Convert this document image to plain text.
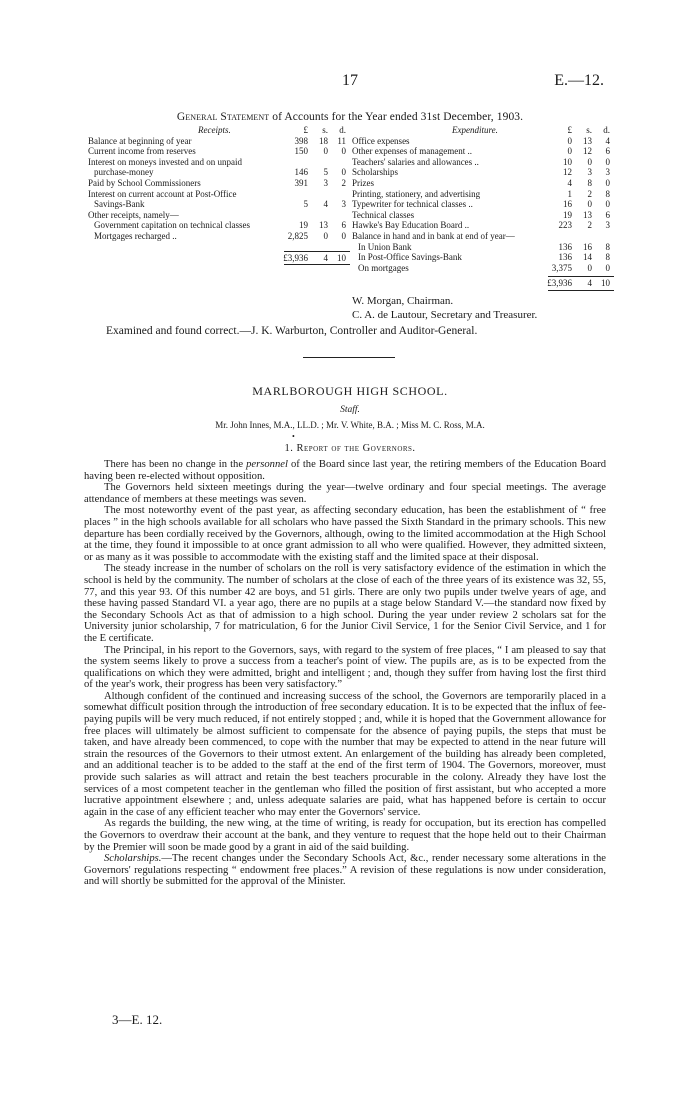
17	E.—12.
General Statement of Accounts for the Year ended 31st December, 1903.
Receipts.	£	s.	d.
Balance at beginning of year	398	18	11
Current income from reserves	150	0	0
Interest on moneys invested and on unpaid
purchase-money	146	5	0
Paid by School Commissioners	391	3	2
Interest on current account at Post-Office
Savings-Bank	5	4	3
Other receipts, namely—
Government capitation on technical classes	19	13	6
Mortgages recharged ..	2,825	0	0
£3,936	4	10
Expenditure.	£	s.	d.
Office expenses	0	13	4
Other expenses of management ..	0	12	6
Teachers' salaries and allowances ..	10	0	0
Scholarships	12	3	3
Prizes	4	8	0
Printing, stationery, and advertising	1	2	8
Typewriter for technical classes ..	16	0	0
Technical classes	19	13	6
Hawke's Bay Education Board ..	223	2	3
Balance in hand and in bank at end of year—
In Union Bank	136	16	8
In Post-Office Savings-Bank	136	14	8
On mortgages	3,375	0	0
£3,936	4	10
W. Morgan, Chairman.
C. A. de Lautour, Secretary and Treasurer.
Examined and found correct.—J. K. Warburton, Controller and Auditor-General.
MARLBOROUGH HIGH SCHOOL.
Staff.
Mr. John Innes, M.A., LL.D. ; Mr. V. White, B.A. ; Miss M. C. Ross, M.A.
•
1. Report of the Governors.

There has been no change in the personnel of the Board since last year, the retiring members of the Education Board having been re-elected without opposition.

The Governors held sixteen meetings during the year—twelve ordinary and four special meetings. The average attendance of members at these meetings was seven.

The most noteworthy event of the past year, as affecting secondary education, has been the establishment of “ free places ” in the high schools available for all scholars who have passed the Sixth Standard in the primary schools. This new departure has been cordially received by the Governors, although, owing to the limited accommodation at the High School at the time, they found it impossible to at once grant admission to all who were qualified. However, they admitted sixteen, or as many as it was possible to accommodate with the existing staff and the limited space at their disposal.

The steady increase in the number of scholars on the roll is very satisfactory evidence of the estimation in which the school is held by the community. The number of scholars at the close of each of the three years of its existence was 32, 55, 77, and this year 93. Of this number 42 are boys, and 51 girls. There are only two pupils under twelve years of age, and these having passed Standard VI. a year ago, there are no pupils at a stage below Standard V.—the standard now fixed by the Secondary Schools Act as that of admission to a high school. During the year under review 2 scholars sat for the University junior scholarship, 7 for matriculation, 6 for the Junior Civil Service, 1 for the Senior Civil Service, and 1 for the E certificate.

The Principal, in his report to the Governors, says, with regard to the system of free places, “ I am pleased to say that the system seems likely to prove a success from a teacher's point of view. The pupils are, as is to be expected from the qualifications on which they were admitted, bright and intelligent ; and, though they suffer from having lost the first third of the year's work, their progress has been very satisfactory.”

Although confident of the continued and increasing success of the school, the Governors are temporarily placed in a somewhat difficult position through the introduction of free secondary education. It is to be expected that the influx of fee-paying pupils will be very much reduced, if not entirely stopped ; and, while it is hoped that the Government allowance for free places will ultimately be almost sufficient to compensate for the absence of paying pupils, the steps that must be taken, and have already been commenced, to cope with the number that may be expected to attend in the near future will strain the resources of the Governors to their utmost extent. An enlargement of the building has already been completed, and an additional teacher is to be added to the staff at the end of the first term of 1904. The Governors, moreover, must provide such salaries as will attract and retain the best teachers procurable in the colony. Already they have lost the services of a most competent teacher in the gentleman who filled the position of first assistant, but who accepted a more lucrative appointment elsewhere ; and, unless adequate salaries are paid, what has happened before is certain to occur again in the case of any efficient teacher who may enter the Governors' service.

As regards the building, the new wing, at the time of writing, is ready for occupation, but its erection has compelled the Governors to overdraw their account at the bank, and they venture to request that the hope held out to their Chairman by the Premier will soon be made good by a grant in aid of the said building.

Scholarships.—The recent changes under the Secondary Schools Act, &c., render necessary some alterations in the Governors' regulations respecting “ endowment free places.” A revision of these regulations is now under consideration, and will shortly be submitted for the approval of the Minister.

3—E. 12.
